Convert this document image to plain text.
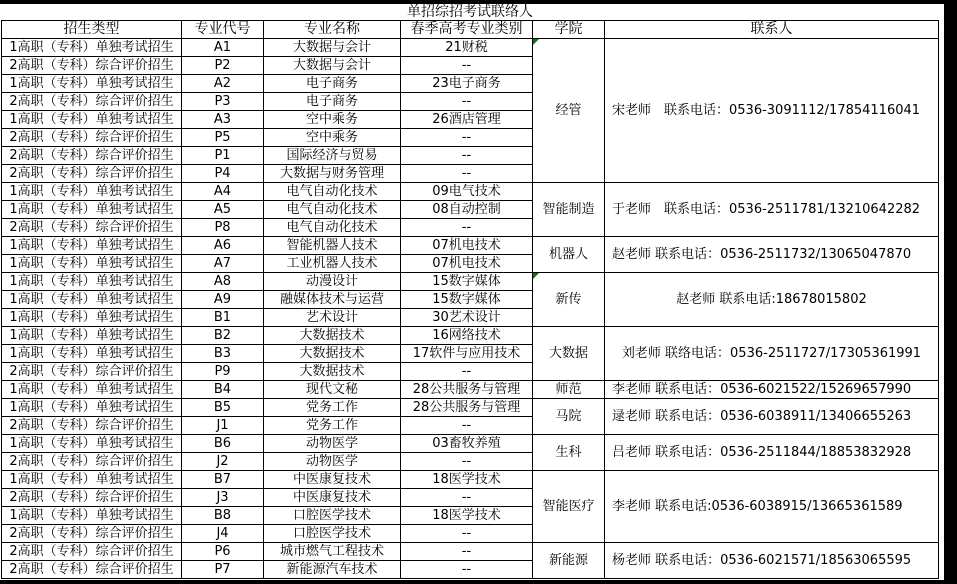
单招综招考试联络人					
招生类型	专业代号	专业名称	春季高考专业类别	学院	联系人
1高职（专科）单独考试招生	A1	大数据与会计	21财税	经管	宋老师　联系电话：0536-3091112/17854116041
2高职（专科）综合评价招生	P2	大数据与会计	--		
1高职（专科）单独考试招生	A2	电子商务	23电子商务		
2高职（专科）综合评价招生	P3	电子商务	--		
1高职（专科）单独考试招生	A3	空中乘务	26酒店管理		
2高职（专科）综合评价招生	P5	空中乘务	--		
2高职（专科）综合评价招生	P1	国际经济与贸易	--		
2高职（专科）综合评价招生	P4	大数据与财务管理	--		
1高职（专科）单独考试招生	A4	电气自动化技术	09电气技术	智能制造	于老师　联系电话：0536-2511781/13210642282
1高职（专科）单独考试招生	A5	电气自动化技术	08自动控制		
2高职（专科）综合评价招生	P8	电气自动化技术	--		
1高职（专科）单独考试招生	A6	智能机器人技术	07机电技术	机器人	赵老师 联系电话：0536-2511732/13065047870
1高职（专科）单独考试招生	A7	工业机器人技术	07机电技术		
1高职（专科）单独考试招生	A8	动漫设计	15数字媒体	新传	赵老师 联系电话:18678015802
1高职（专科）单独考试招生	A9	融媒体技术与运营	15数字媒体		
1高职（专科）单独考试招生	B1	艺术设计	30艺术设计		
1高职（专科）单独考试招生	B2	大数据技术	16网络技术	大数据	刘老师 联络电话：0536-2511727/17305361991
1高职（专科）单独考试招生	B3	大数据技术	17软件与应用技术		
2高职（专科）综合评价招生	P9	大数据技术	--		
1高职（专科）单独考试招生	B4	现代文秘	28公共服务与管理	师范	李老师 联系电话：0536-6021522/15269657990
1高职（专科）单独考试招生	B5	党务工作	28公共服务与管理	马院	逯老师 联系电话：0536-6038911/13406655263
2高职（专科）综合评价招生	J1	党务工作	--		
1高职（专科）单独考试招生	B6	动物医学	03畜牧养殖	生科	吕老师 联系电话：0536-2511844/18853832928
2高职（专科）综合评价招生	J2	动物医学	--		
1高职（专科）单独考试招生	B7	中医康复技术	18医学技术	智能医疗	李老师 联系电话:0536-6038915/13665361589
2高职（专科）综合评价招生	J3	中医康复技术	--		
1高职（专科）单独考试招生	B8	口腔医学技术	18医学技术		
2高职（专科）综合评价招生	J4	口腔医学技术	--		
2高职（专科）综合评价招生	P6	城市燃气工程技术	--	新能源	杨老师 联系电话：0536-6021571/18563065595
2高职（专科）综合评价招生	P7	新能源汽车技术	--		
